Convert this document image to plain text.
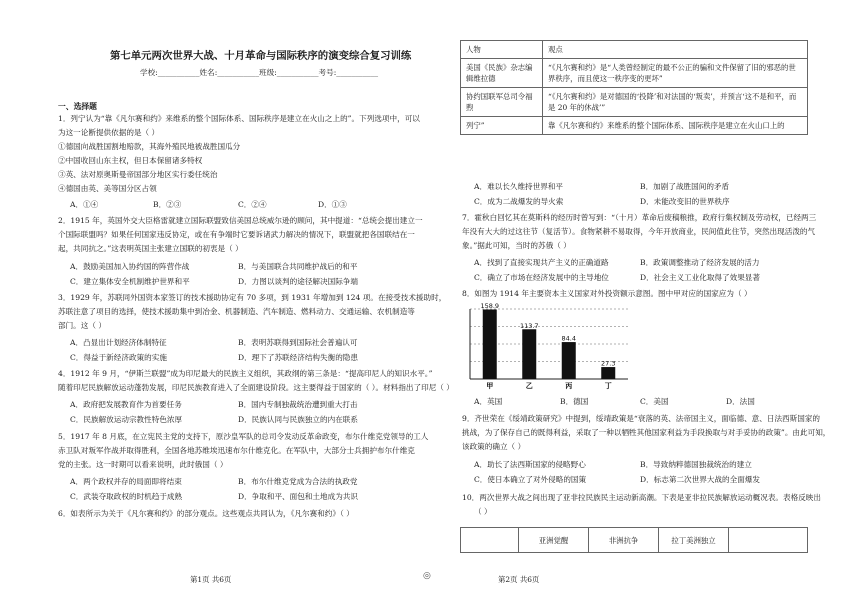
第七单元两次世界大战、十月革命与国际秩序的演变综合复习训练
学校:___________姓名:___________班级:___________考号:___________
一、选择题
1．列宁认为“靠《凡尔赛和约》来维系的整个国际体系、国际秩序是建立在火山之上的”。下列选项中，可以
为这一论断提供依据的是（ ）
①德国向战胜国割地赔款，其海外殖民地被战胜国瓜分
②中国收回山东主权，但日本保留诸多特权
③英、法对原奥斯曼帝国部分地区实行委任统治
④德国由英、美等国分区占领
A．①④	B．②③	C．②④	D．①③
2．1915 年，英国外交大臣格雷就建立国际联盟致信美国总统威尔逊的顾问，其中提道：“总统会提出建立一
个国际联盟吗？如果任何国家违反协定，或在有争端时它要诉诸武力解决的情况下，联盟就把各国联结在一
起，共同抗之。”这表明英国主张建立国联的初衷是（ ）
A．鼓励美国加入协约国的阵营作战	B．与美国联合共同维护战后的和平
C．建立集体安全机制维护世界和平	D．力图以谈判的途径解决国际争端
3．1929 年，苏联同外国资本家签订的技术援助协定有 70 多项，到 1931 年增加到 124 项。在接受技术援助时，
苏联注意了项目的选择，使技术援助集中到冶金、机器制造、汽车制造、燃料动力、交通运输、农机制造等
部门。这（ ）
A．凸显出计划经济体制特征	B．表明苏联得到国际社会普遍认可
C．得益于新经济政策的实施	D．理下了苏联经济结构失衡的隐患
4．1912 年 9 月，“伊斯兰联盟”成为印尼最大的民族主义组织，其政纲的第三条是：“提高印尼人的知识水平。”
随着印尼民族解放运动蓬勃发展，印尼民族教育进入了全面建设阶段。这主要得益于国家的（ ）。材料指出了印尼（ ）
A．政府把发展教育作为首要任务	B．国内专制独裁统治遭到重大打击
C．民族解放运动宗教性特色浓厚	D．民族认同与民族独立的内在联系
5．1917 年 8 月底，在立宪民主党的支持下，原沙皇军队的总司令发动反革命政变，布尔什维克党领导的工人
赤卫队对叛军作战并取得胜利，全国各地苏维埃迅速布尔什维克化。在军队中，大部分士兵拥护布尔什维克
党的主张。这一时期可以看来说明，此时俄国（ ）
A．两个政权并存的局面即将结束	B．布尔什维克党成为合法的执政党
C．武装夺取政权的时机趋于成熟	D．争取和平、面包和土地成为共识
6．如表所示为关于《凡尔赛和约》的部分观点。这些观点共同认为，《凡尔赛和约》（ ）
第1页 共6页	◎	第2页 共6页
人物	观点
美国《民族》杂志编辑维拉德	“《凡尔赛和约》是“人类曾经制定的最不公正的骗和文件保留了旧的邪恶的世界秩序，而且使这一秩序变的更坏”
协约国联军总司令福煦	“《凡尔赛和约》是对德国的‘投降’和对法国的‘叛卖’，并预言‘这不是和平，而是 20 年的休战’”
列宁”	靠《凡尔赛和约》来维系的整个国际体系、国际秩序是建立在火山口上的
A．难以长久维持世界和平	B．加剧了战胜国间的矛盾
C．成为二战爆发的导火索	D．未能改变旧的世界秩序
7．霍秋白回忆其在莫斯科的经历时曾写到：“（十月）革命后废稿粮推，政府行集权制及劳动权，已经两三
年没有大大的过这往节（复活节）。食物紧耕不易取得，今年开放商业，民间值此住节，突然出现活泼的气
象。”据此可知，当时的苏俄（ ）
A．找到了直接实现共产主义的正确道路	B．政策调整推动了经济发展的活力
C．确立了市场在经济发展中的主导地位	D．社会主义工业化取得了效果显著
8．如图为 1914 年主要资本主义国家对外投资额示意图。图中甲对应的国家应为（ ）
158.9
甲
113.7
乙
84.4
丙
27.3
丁
A．英国	B．德国	C．美国	D．法国
9．齐世荣在《绥靖政策研究》中提到，绥靖政策是“衰落的英、法帝国主义，面临德、意、日法西斯国家的
挑战，为了保存自己的既得利益，采取了一种以牺牲其他国家利益为手段换取与对手妥协的政策”。由此可知，
该政策的确立（ ）
A．助长了法西斯国家的侵略野心	B．导致纳粹德国独裁统治的建立
C．使日本确立了对外侵略的国策	D．标志第二次世界大战的全面爆发
10．两次世界大战之间出现了亚非拉民族民主运动新高潮。下表是亚非拉民族解放运动概况表。表格反映出
（ ）
	亚洲觉醒	非洲抗争	拉丁美洲独立	
